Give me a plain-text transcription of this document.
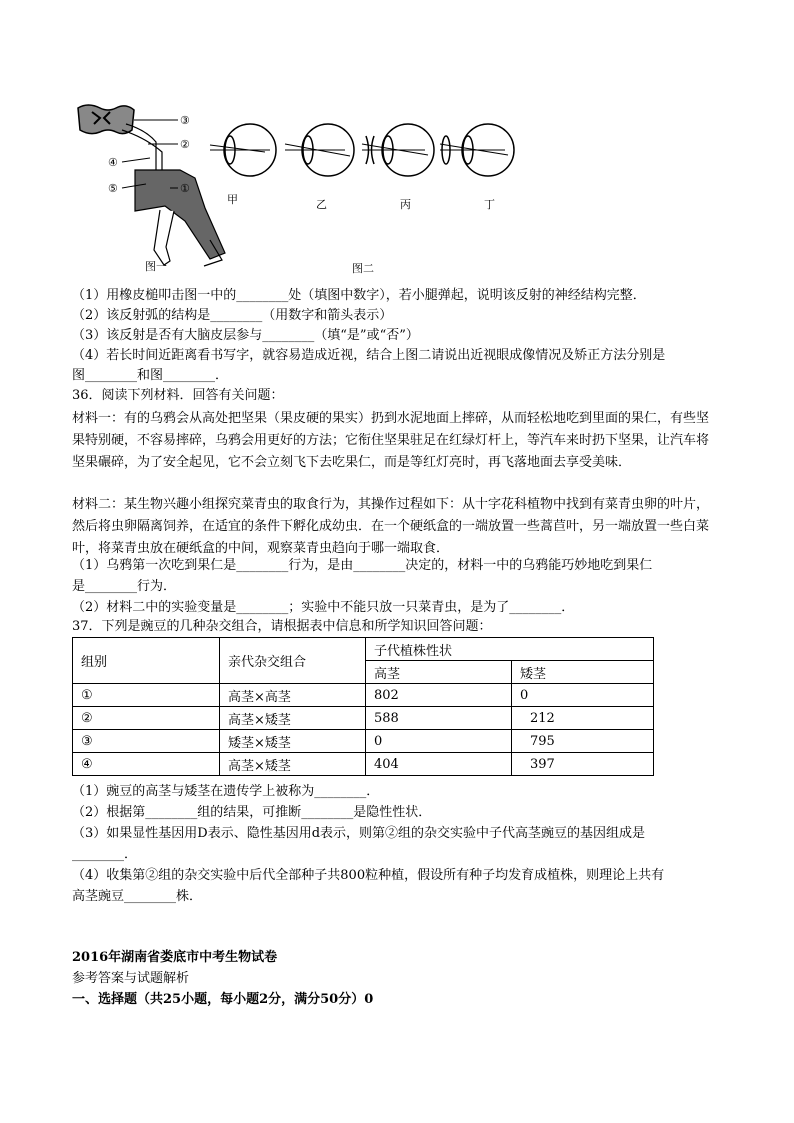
③
②
④
⑤	①
图一
甲	乙	丙	丁
图二
（1）用橡皮槌叩击图一中的________处（填图中数字），若小腿弹起，说明该反射的神经结构完整．
（2）该反射弧的结构是________（用数字和箭头表示）
（3）该反射是否有大脑皮层参与________（填“是”或“否”）
（4）若长时间近距离看书写字，就容易造成近视，结合上图二请说出近视眼成像情况及矫正方法分别是
图________和图________．
36．阅读下列材料．回答有关问题：
材料一：有的乌鸦会从高处把坚果（果皮硬的果实）扔到水泥地面上摔碎，从而轻松地吃到里面的果仁，有些坚果特别硬，不容易摔碎，乌鸦会用更好的方法；它衔住坚果驻足在红绿灯杆上，等汽车来时扔下坚果，让汽车将坚果碾碎，为了安全起见，它不会立刻飞下去吃果仁，而是等红灯亮时，再飞落地面去享受美味．
材料二：某生物兴趣小组探究菜青虫的取食行为，其操作过程如下：从十字花科植物中找到有菜青虫卵的叶片，然后将虫卵隔离饲养，在适宜的条件下孵化成幼虫．在一个硬纸盒的一端放置一些蒿苣叶，另一端放置一些白菜叶，将菜青虫放在硬纸盒的中间，观察菜青虫趋向于哪一端取食．
（1）乌鸦第一次吃到果仁是________行为，是由________决定的，材料一中的乌鸦能巧妙地吃到果仁
是________行为．
（2）材料二中的实验变量是________；实验中不能只放一只菜青虫，是为了________．
37．下列是豌豆的几种杂交组合，请根据表中信息和所学知识回答问题：
组别	亲代杂交组合	子代植株性状	
		高茎	矮茎
①	高茎×高茎	802	0
②	高茎×矮茎	588	212
③	矮茎×矮茎	0	795
④	高茎×矮茎	404	397
（1）豌豆的高茎与矮茎在遗传学上被称为________．
（2）根据第________组的结果，可推断________是隐性性状．
（3）如果显性基因用D表示、隐性基因用d表示，则第②组的杂交实验中子代高茎豌豆的基因组成是
________．
（4）收集第②组的杂交实验中后代全部种子共800粒种植，假设所有种子均发育成植株，则理论上共有
高茎豌豆________株．
2016年湖南省娄底市中考生物试卷
参考答案与试题解析
一、选择题（共25小题，每小题2分，满分50分）0
